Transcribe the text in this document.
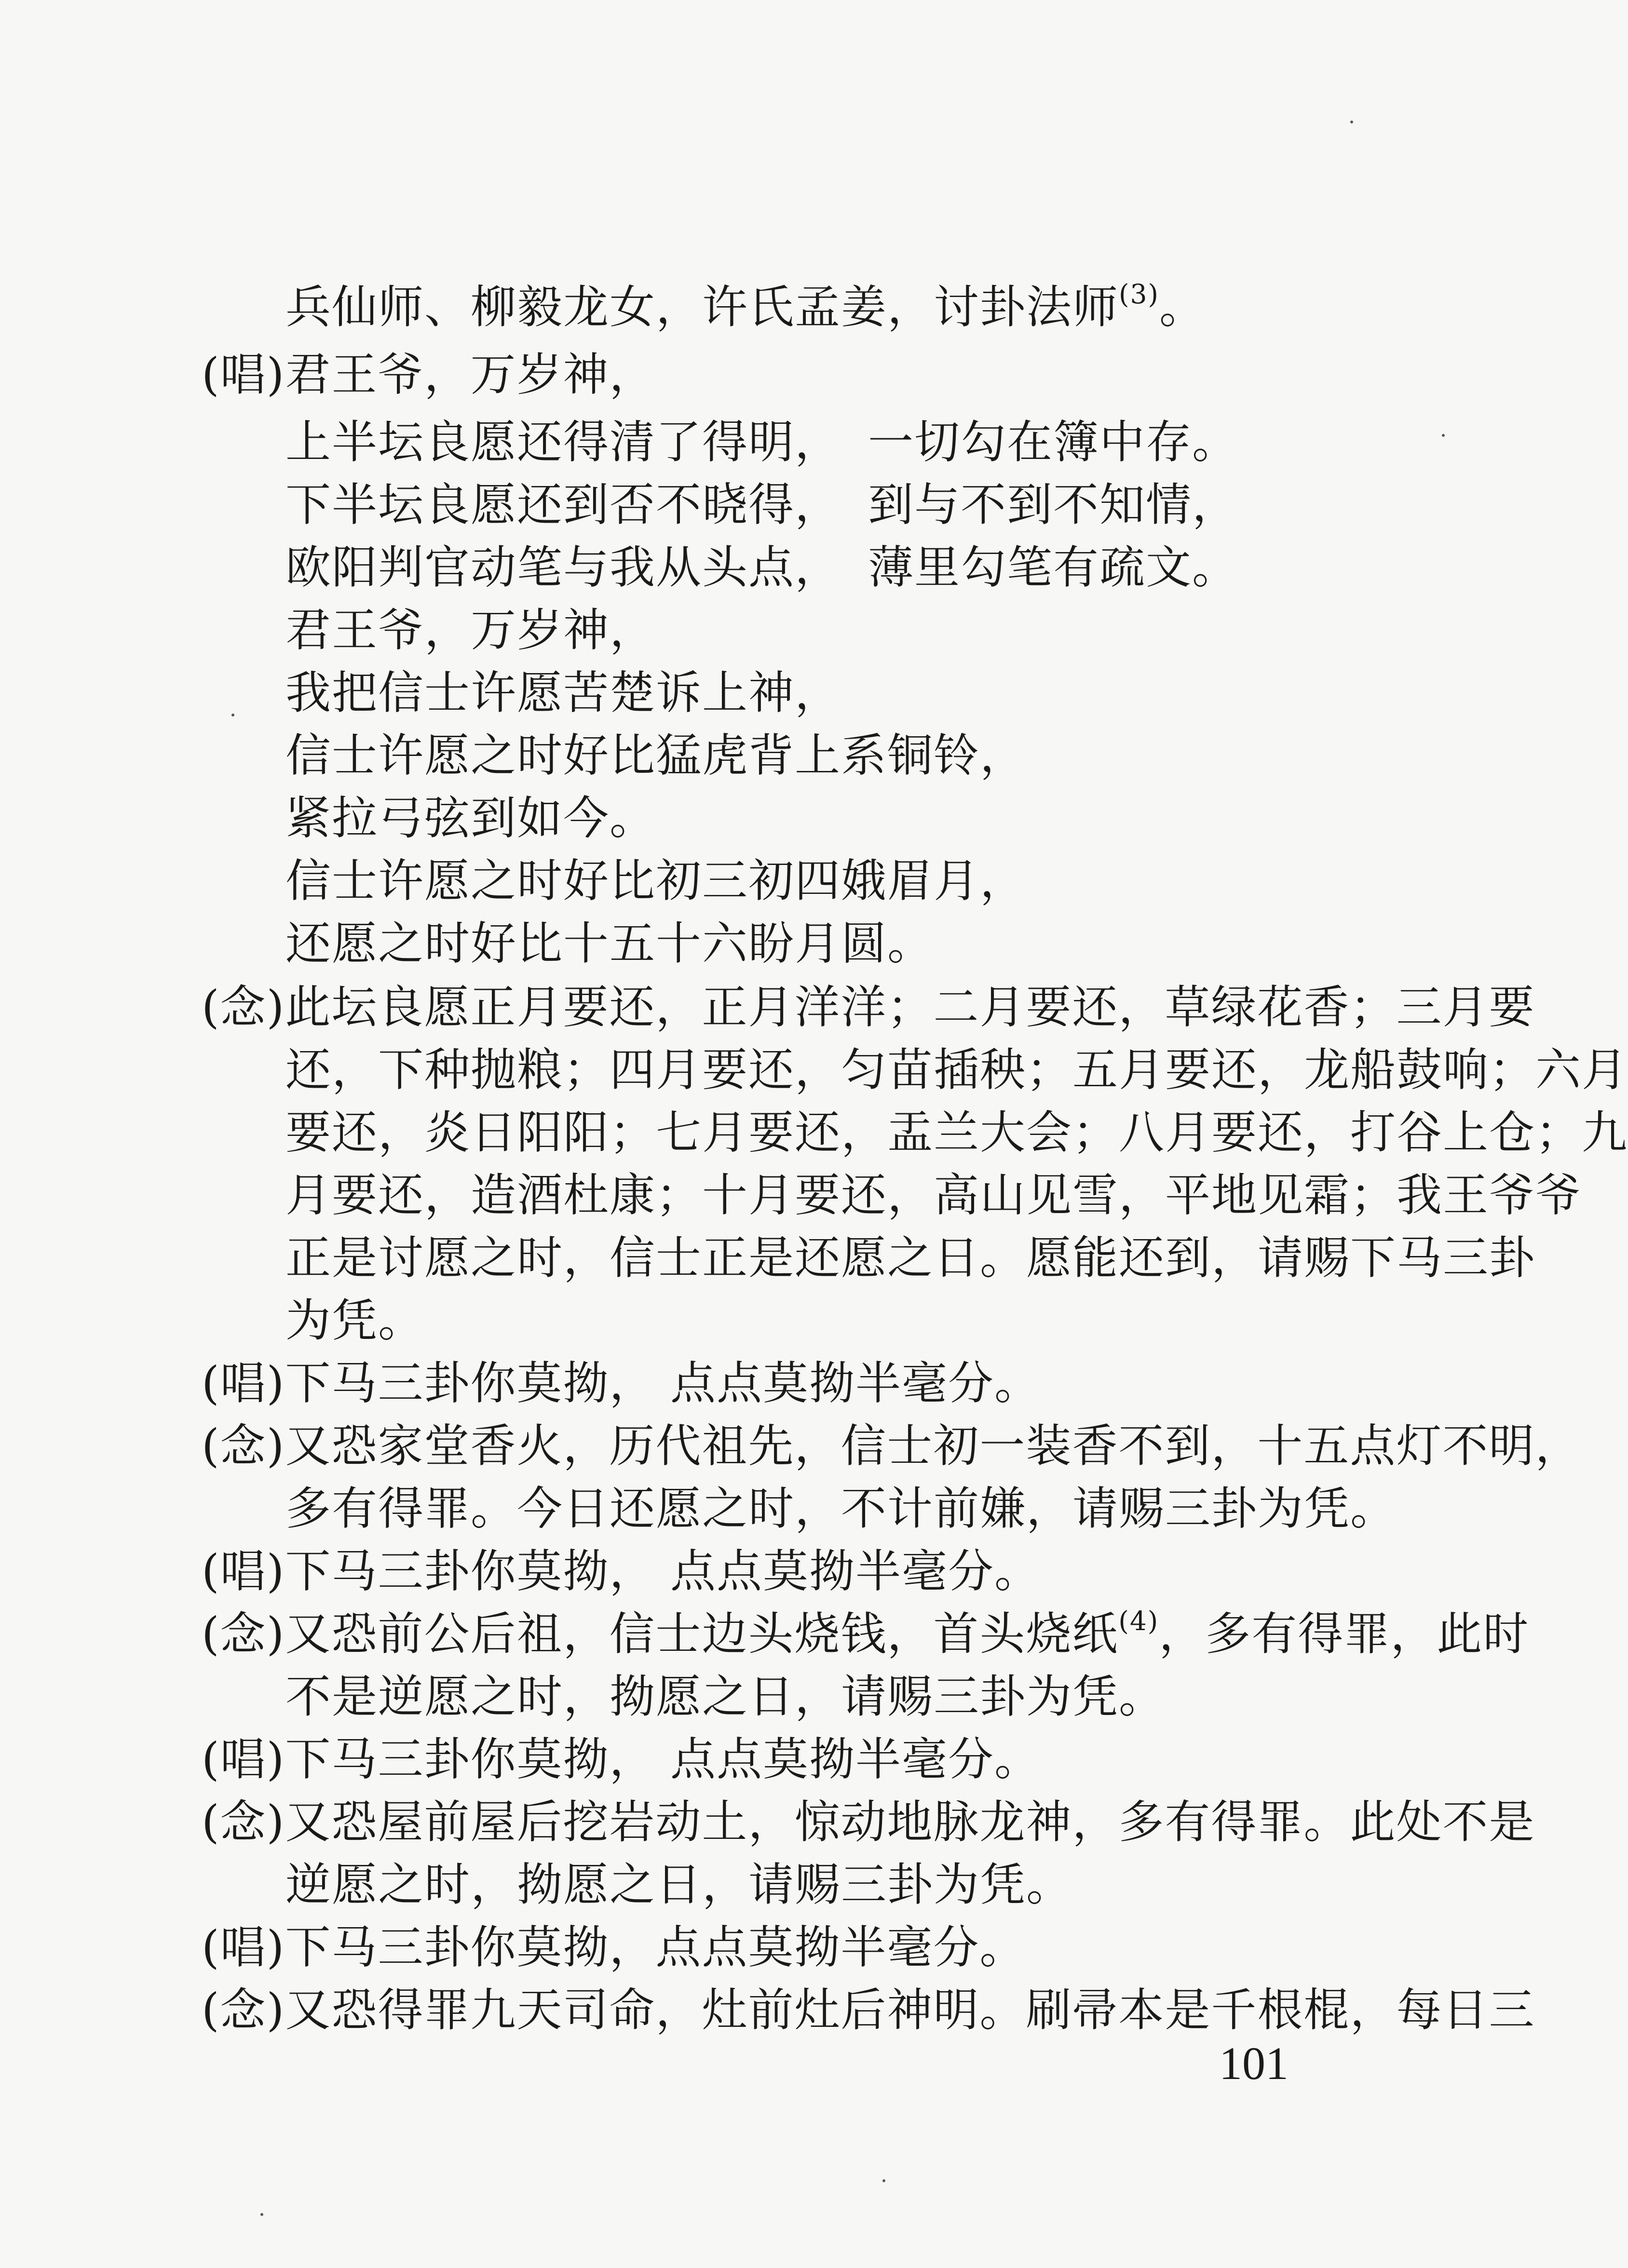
兵仙师、柳毅龙女，许氏孟姜，讨卦法师$^{(3)}$。
(唱)君王爷，万岁神，
上半坛良愿还得清了得明， 一切勾在簿中存。
下半坛良愿还到否不晓得， 到与不到不知情，
欧阳判官动笔与我从头点， 薄里勾笔有疏文。
君王爷，万岁神，
我把信士许愿苦楚诉上神，
信士许愿之时好比猛虎背上系铜铃，
紧拉弓弦到如今。
信士许愿之时好比初三初四娥眉月，
还愿之时好比十五十六盼月圆。
(念)此坛良愿正月要还，正月洋洋；二月要还，草绿花香；三月要
还，下种抛粮；四月要还，匀苗插秧；五月要还，龙船鼓响；六月
要还，炎日阳阳；七月要还，盂兰大会；八月要还，打谷上仓；九
月要还，造酒杜康；十月要还，高山见雪，平地见霜；我王爷爷
正是讨愿之时，信士正是还愿之日。愿能还到，请赐下马三卦
为凭。
(唱)下马三卦你莫拗， 点点莫拗半毫分。
(念)又恐家堂香火，历代祖先，信士初一装香不到，十五点灯不明，
多有得罪。今日还愿之时，不计前嫌，请赐三卦为凭。
(唱)下马三卦你莫拗， 点点莫拗半毫分。
(念)又恐前公后祖，信士边头烧钱，首头烧纸$^{(4)}$，多有得罪，此时
不是逆愿之时，拗愿之日，请赐三卦为凭。
(唱)下马三卦你莫拗， 点点莫拗半毫分。
(念)又恐屋前屋后挖岩动土，惊动地脉龙神，多有得罪。此处不是
逆愿之时，拗愿之日，请赐三卦为凭。
(唱)下马三卦你莫拗，点点莫拗半毫分。
(念)又恐得罪九天司命，灶前灶后神明。刷帚本是千根棍，每日三
101
